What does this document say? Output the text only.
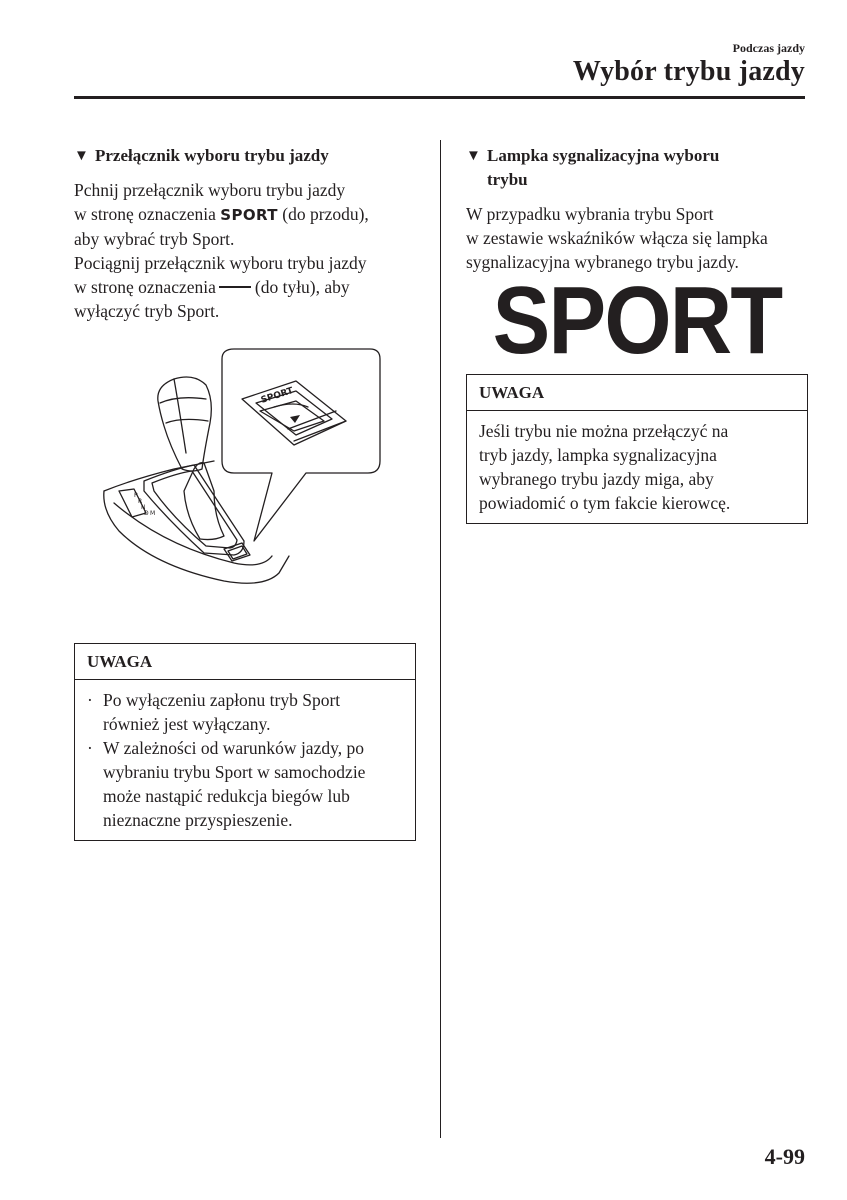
Podczas jazdy
Wybór trybu jazdy
▼ Przełącznik wyboru trybu jazdy
Pchnij przełącznik wyboru trybu jazdy
w stronę oznaczenia SPORT (do przodu),
aby wybrać tryb Sport.
Pociągnij przełącznik wyboru trybu jazdy
w stronę oznaczenia (do tyłu), aby
wyłączyć tryb Sport.
SPORT
P
R
N
D M
UWAGA
· Po wyłączeniu zapłonu tryb Sport
również jest wyłączany.
· W zależności od warunków jazdy, po
wybraniu trybu Sport w samochodzie
może nastąpić redukcja biegów lub
nieznaczne przyspieszenie.
▼ Lampka sygnalizacyjna wyboru
trybu
W przypadku wybrania trybu Sport
w zestawie wskaźników włącza się lampka
sygnalizacyjna wybranego trybu jazdy.
SPORT
UWAGA
Jeśli trybu nie można przełączyć na
tryb jazdy, lampka sygnalizacyjna
wybranego trybu jazdy miga, aby
powiadomić o tym fakcie kierowcę.
4-99
